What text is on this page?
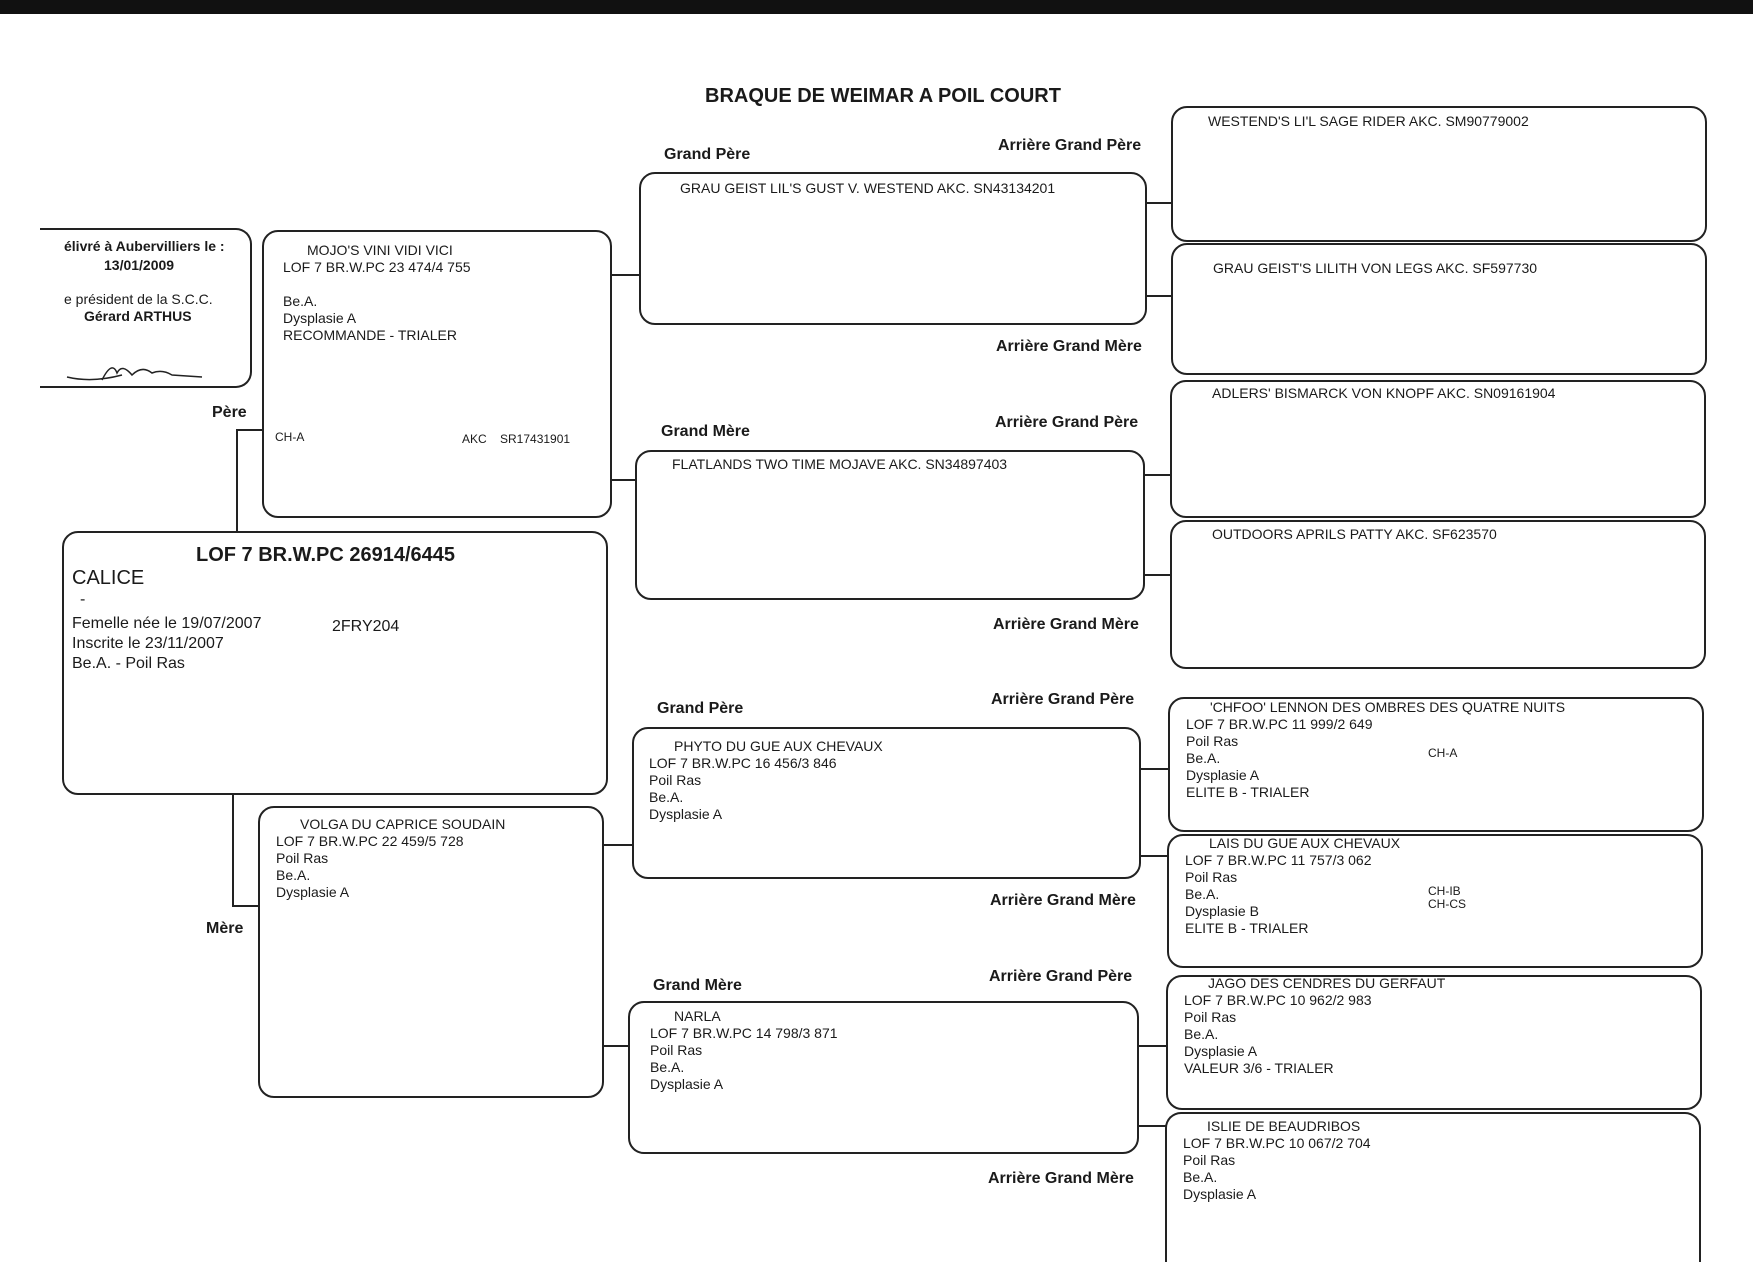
BRAQUE DE WEIMAR A POIL COURT
élivré à Aubervilliers le :
13/01/2009
e président de la S.C.C.
Gérard ARTHUS
LOF 7 BR.W.PC 26914/6445
CALICE
-
Femelle née le 19/07/2007	2FRY204
Inscrite le 23/11/2007
Be.A. - Poil Ras
Père
Mère
MOJO'S VINI VIDI VICI
LOF 7 BR.W.PC 23 474/4 755
Be.A.
Dysplasie A
RECOMMANDE - TRIALER
CH-A	AKC SR17431901
VOLGA DU CAPRICE SOUDAIN
LOF 7 BR.W.PC 22 459/5 728
Poil Ras
Be.A.
Dysplasie A
Grand Père
Grand Mère
Grand Père
Grand Mère
GRAU GEIST LIL'S GUST V. WESTEND AKC. SN43134201
FLATLANDS TWO TIME MOJAVE AKC. SN34897403
PHYTO DU GUE AUX CHEVAUX
LOF 7 BR.W.PC 16 456/3 846
Poil Ras
Be.A.
Dysplasie A
NARLA
LOF 7 BR.W.PC 14 798/3 871
Poil Ras
Be.A.
Dysplasie A
Arrière Grand Père
Arrière Grand Mère
Arrière Grand Père
Arrière Grand Mère
Arrière Grand Père
Arrière Grand Mère
Arrière Grand Père
Arrière Grand Mère
WESTEND'S LI'L SAGE RIDER AKC. SM90779002
GRAU GEIST'S LILITH VON LEGS AKC. SF597730
ADLERS' BISMARCK VON KNOPF AKC. SN09161904
OUTDOORS APRILS PATTY AKC. SF623570
'CHFOO' LENNON DES OMBRES DES QUATRE NUITS
LOF 7 BR.W.PC 11 999/2 649
Poil Ras
Be.A.
Dysplasie A
ELITE B - TRIALER
CH-A
LAIS DU GUE AUX CHEVAUX
LOF 7 BR.W.PC 11 757/3 062
Poil Ras
Be.A.
Dysplasie B
ELITE B - TRIALER
CH-IB
CH-CS
JAGO DES CENDRES DU GERFAUT
LOF 7 BR.W.PC 10 962/2 983
Poil Ras
Be.A.
Dysplasie A
VALEUR 3/6 - TRIALER
ISLIE DE BEAUDRIBOS
LOF 7 BR.W.PC 10 067/2 704
Poil Ras
Be.A.
Dysplasie A
